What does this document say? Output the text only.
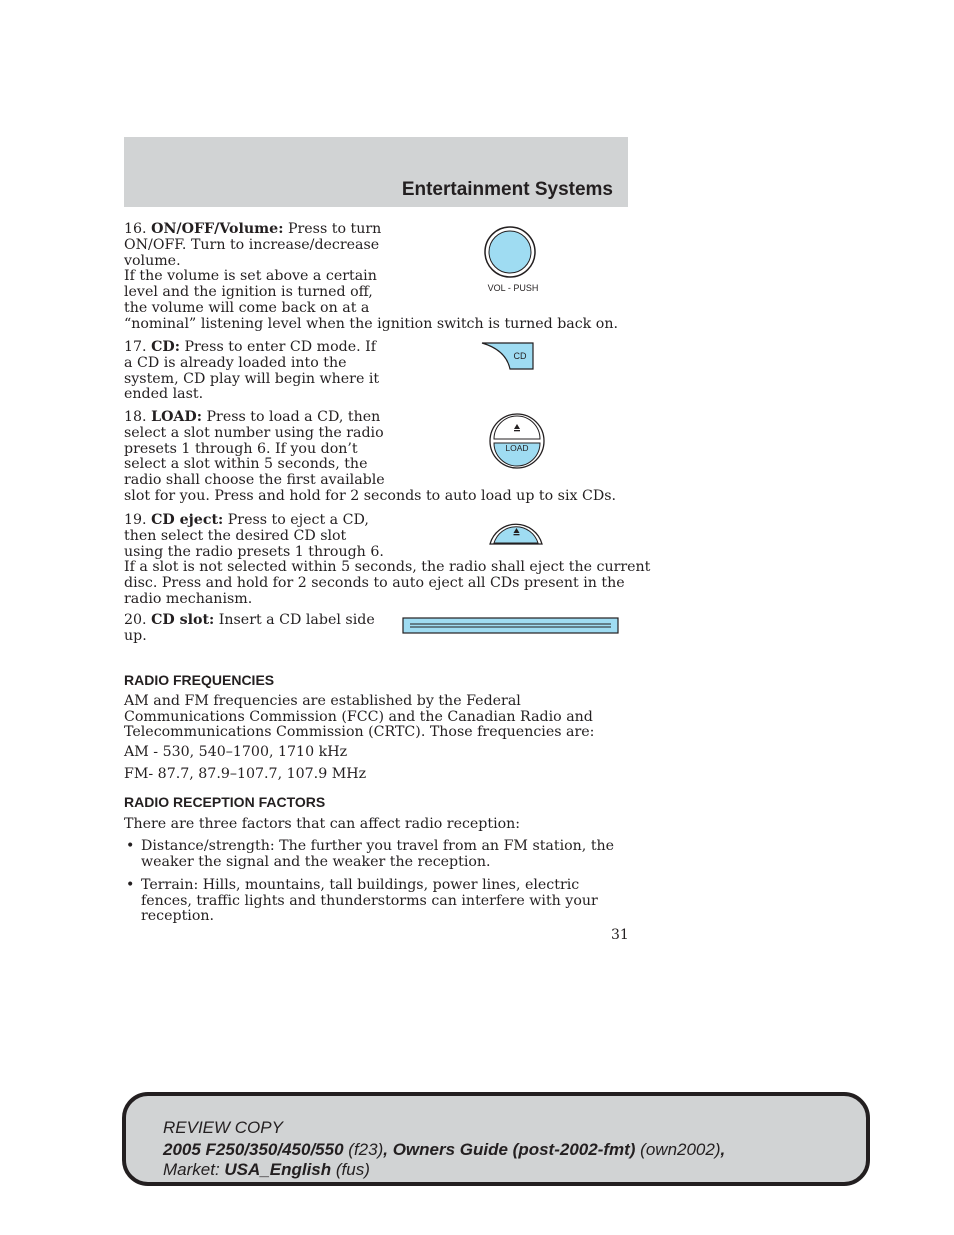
Entertainment Systems
16. ON/OFF/Volume: Press to turn
ON/OFF. Turn to increase/decrease
volume.
If the volume is set above a certain
level and the ignition is turned off,
the volume will come back on at a
“nominal” listening level when the ignition switch is turned back on.
VOL - PUSH
17. CD: Press to enter CD mode. If
a CD is already loaded into the
system, CD play will begin where it
ended last.
CD
18. LOAD: Press to load a CD, then
select a slot number using the radio
presets 1 through 6. If you don’t
select a slot within 5 seconds, the
radio shall choose the first available
slot for you. Press and hold for 2 seconds to auto load up to six CDs.
LOAD
19. CD eject: Press to eject a CD,
then select the desired CD slot
using the radio presets 1 through 6.
If a slot is not selected within 5 seconds, the radio shall eject the current
disc. Press and hold for 2 seconds to auto eject all CDs present in the
radio mechanism.
20. CD slot: Insert a CD label side
up.
RADIO FREQUENCIES
AM and FM frequencies are established by the Federal Communications Commission (FCC) and the Canadian Radio and Telecommunications Commission (CRTC). Those frequencies are:
AM - 530, 540–1700, 1710 kHz
FM- 87.7, 87.9–107.7, 107.9 MHz
RADIO RECEPTION FACTORS
There are three factors that can affect radio reception:
• Distance/strength: The further you travel from an FM station, the weaker the signal and the weaker the reception.
• Terrain: Hills, mountains, tall buildings, power lines, electric fences, traffic lights and thunderstorms can interfere with your reception.
31
REVIEW COPY
2005 F250/350/450/550 (f23), Owners Guide (post-2002-fmt) (own2002),
Market: USA_English (fus)
